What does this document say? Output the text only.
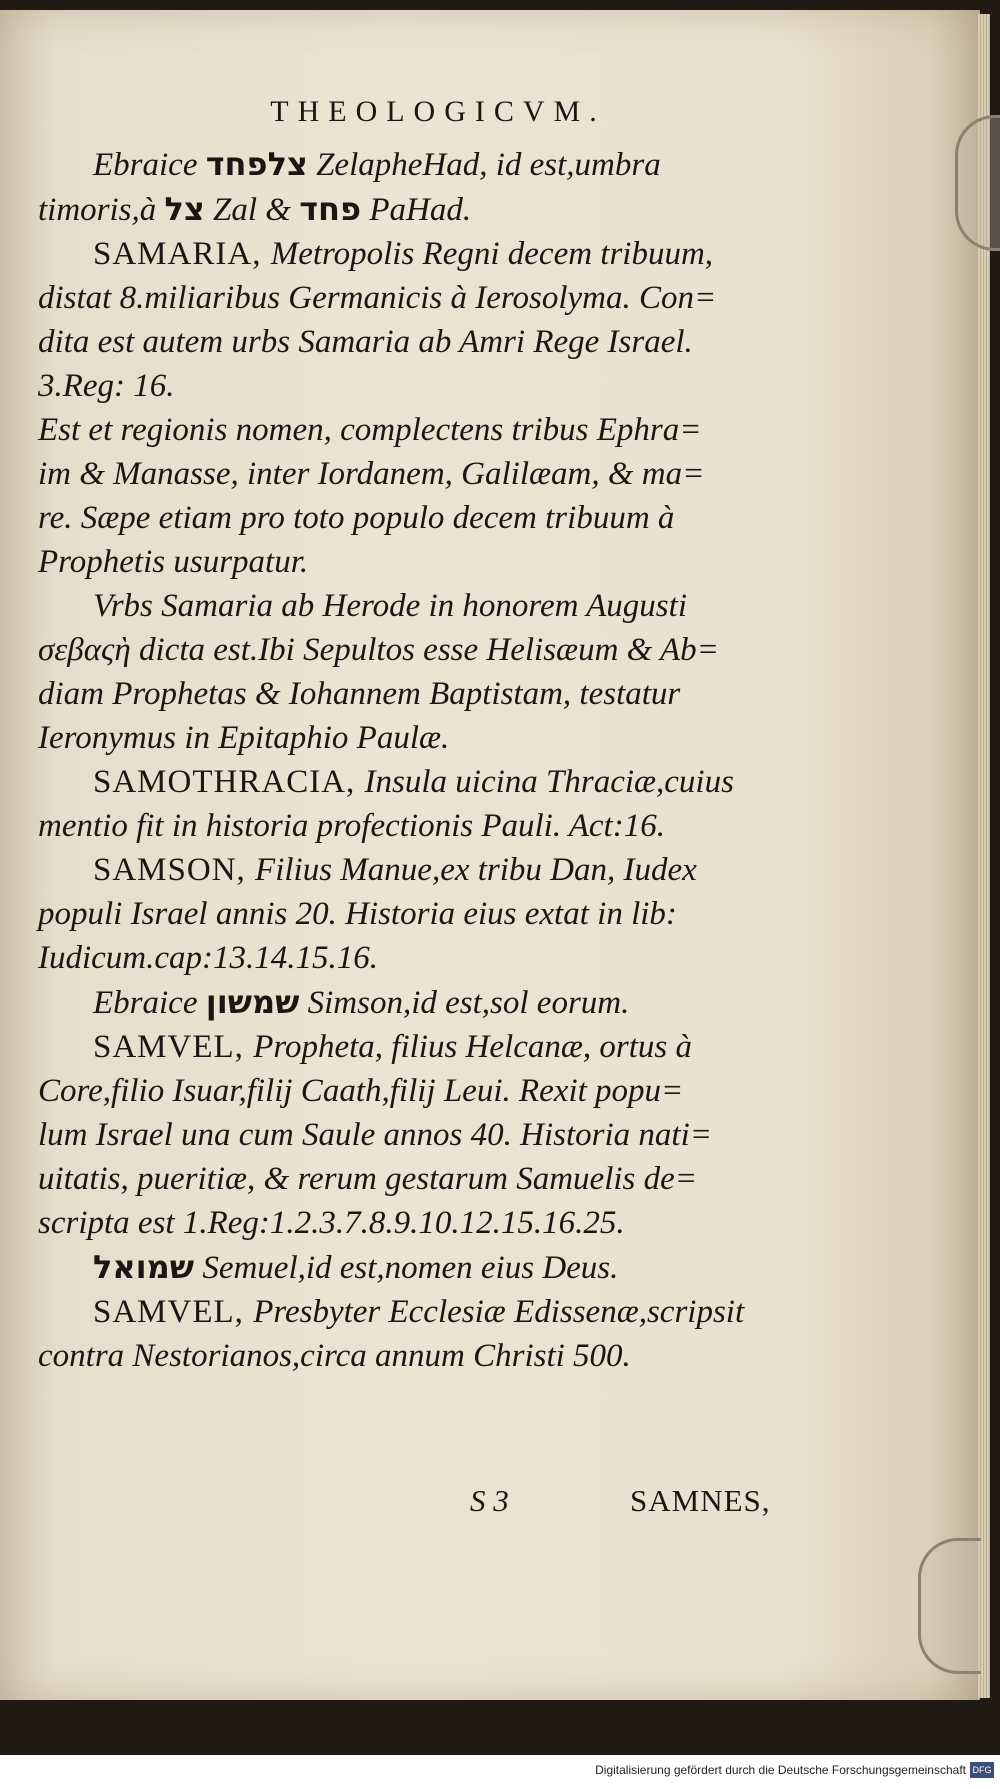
THEOLOGICVM.
Ebraice צלפחד ZelapheHad, id est,umbra
timoris,à צל Zal & פחד PaHad.
SAMARIA, Metropolis Regni decem tribuum,
distat 8.miliaribus Germanicis à Ierosolyma. Con=
dita est autem urbs Samaria ab Amri Rege Israel.
3.Reg: 16.
Est et regionis nomen, complectens tribus Ephra=
im & Manasse, inter Iordanem, Galilæam, & ma=
re. Sæpe etiam pro toto populo decem tribuum à
Prophetis usurpatur.
Vrbs Samaria ab Herode in honorem Augusti
σεβαςὴ dicta est.Ibi Sepultos esse Helisæum & Ab=
diam Prophetas & Iohannem Baptistam, testatur
Ieronymus in Epitaphio Paulæ.
SAMOTHRACIA, Insula uicina Thraciæ,cuius
mentio fit in historia profectionis Pauli. Act:16.
SAMSON, Filius Manue,ex tribu Dan, Iudex
populi Israel annis 20. Historia eius extat in lib:
Iudicum.cap:13.14.15.16.
Ebraice שמשון Simson,id est,sol eorum.
SAMVEL, Propheta, filius Helcanæ, ortus à
Core,filio Isuar,filij Caath,filij Leui. Rexit popu=
lum Israel una cum Saule annos 40. Historia nati=
uitatis, pueritiæ, & rerum gestarum Samuelis de=
scripta est 1.Reg:1.2.3.7.8.9.10.12.15.16.25.
שמואל Semuel,id est,nomen eius Deus.
SAMVEL, Presbyter Ecclesiæ Edissenæ,scripsit
contra Nestorianos,circa annum Christi 500.
S 3	SAMNES,
Digitalisierung gefördert durch die Deutsche Forschungsgemeinschaft DFG
